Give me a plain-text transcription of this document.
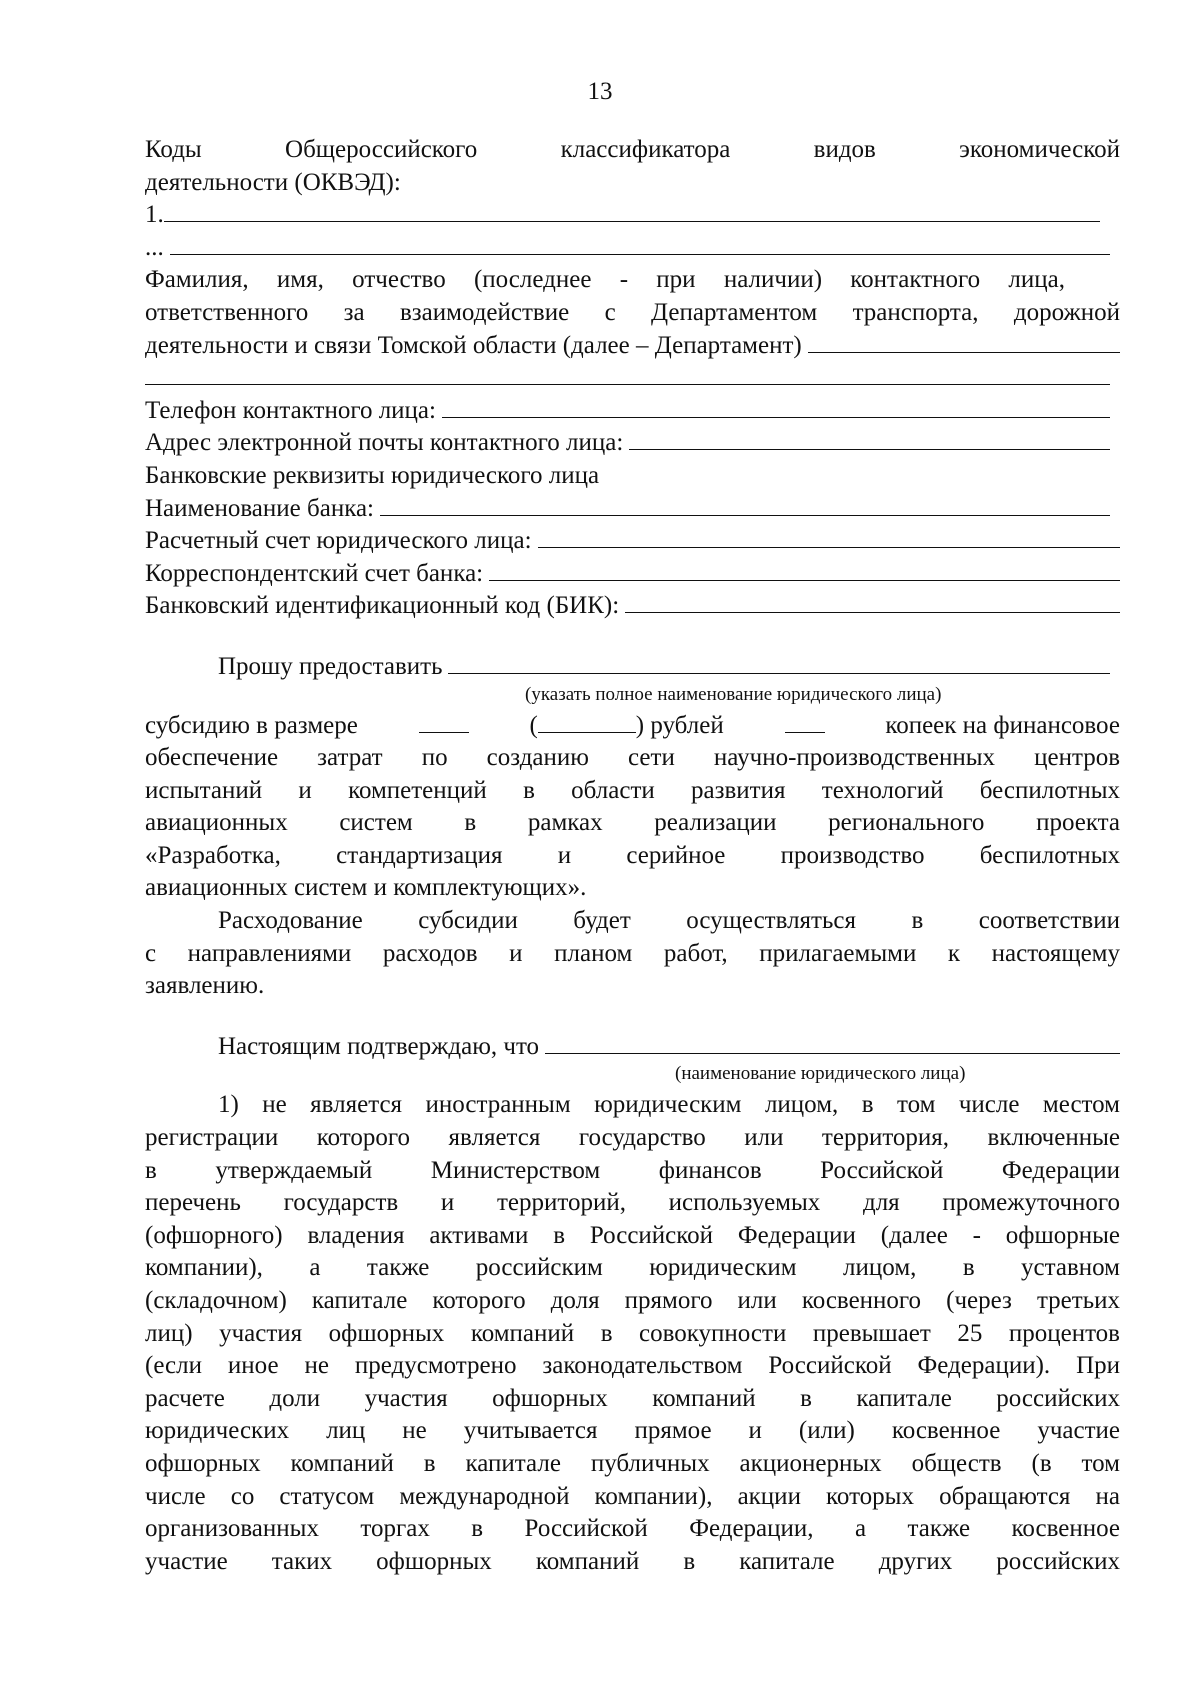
13
Коды Общероссийского классификатора видов экономической
деятельности (ОКВЭД):
1.
...
Фамилия, имя, отчество (последнее - при наличии) контактного лица,
ответственного за взаимодействие с Департаментом транспорта, дорожной
деятельности и связи Томской области (далее – Департамент)
Телефон контактного лица:
Адрес электронной почты контактного лица:
Банковские реквизиты юридического лица
Наименование банка:
Расчетный счет юридического лица:
Корреспондентский счет банка:
Банковский идентификационный код (БИК):
Прошу предоставить
(указать полное наименование юридического лица)
субсидию в размере	(	) рублей	копеек на финансовое
обеспечение затрат по созданию сети научно-производственных центров
испытаний и компетенций в области развития технологий беспилотных
авиационных систем в рамках реализации регионального проекта
«Разработка, стандартизация и серийное производство беспилотных
авиационных систем и комплектующих».
Расходование субсидии будет осуществляться в соответствии
с направлениями расходов и планом работ, прилагаемыми к настоящему
заявлению.
Настоящим подтверждаю, что
(наименование юридического лица)
1) не является иностранным юридическим лицом, в том числе местом
регистрации которого является государство или территория, включенные
в утверждаемый Министерством финансов Российской Федерации
перечень государств и территорий, используемых для промежуточного
(офшорного) владения активами в Российской Федерации (далее - офшорные
компании), а также российским юридическим лицом, в уставном
(складочном) капитале которого доля прямого или косвенного (через третьих
лиц) участия офшорных компаний в совокупности превышает 25 процентов
(если иное не предусмотрено законодательством Российской Федерации). При
расчете доли участия офшорных компаний в капитале российских
юридических лиц не учитывается прямое и (или) косвенное участие
офшорных компаний в капитале публичных акционерных обществ (в том
числе со статусом международной компании), акции которых обращаются на
организованных торгах в Российской Федерации, а также косвенное
участие таких офшорных компаний в капитале других российских
